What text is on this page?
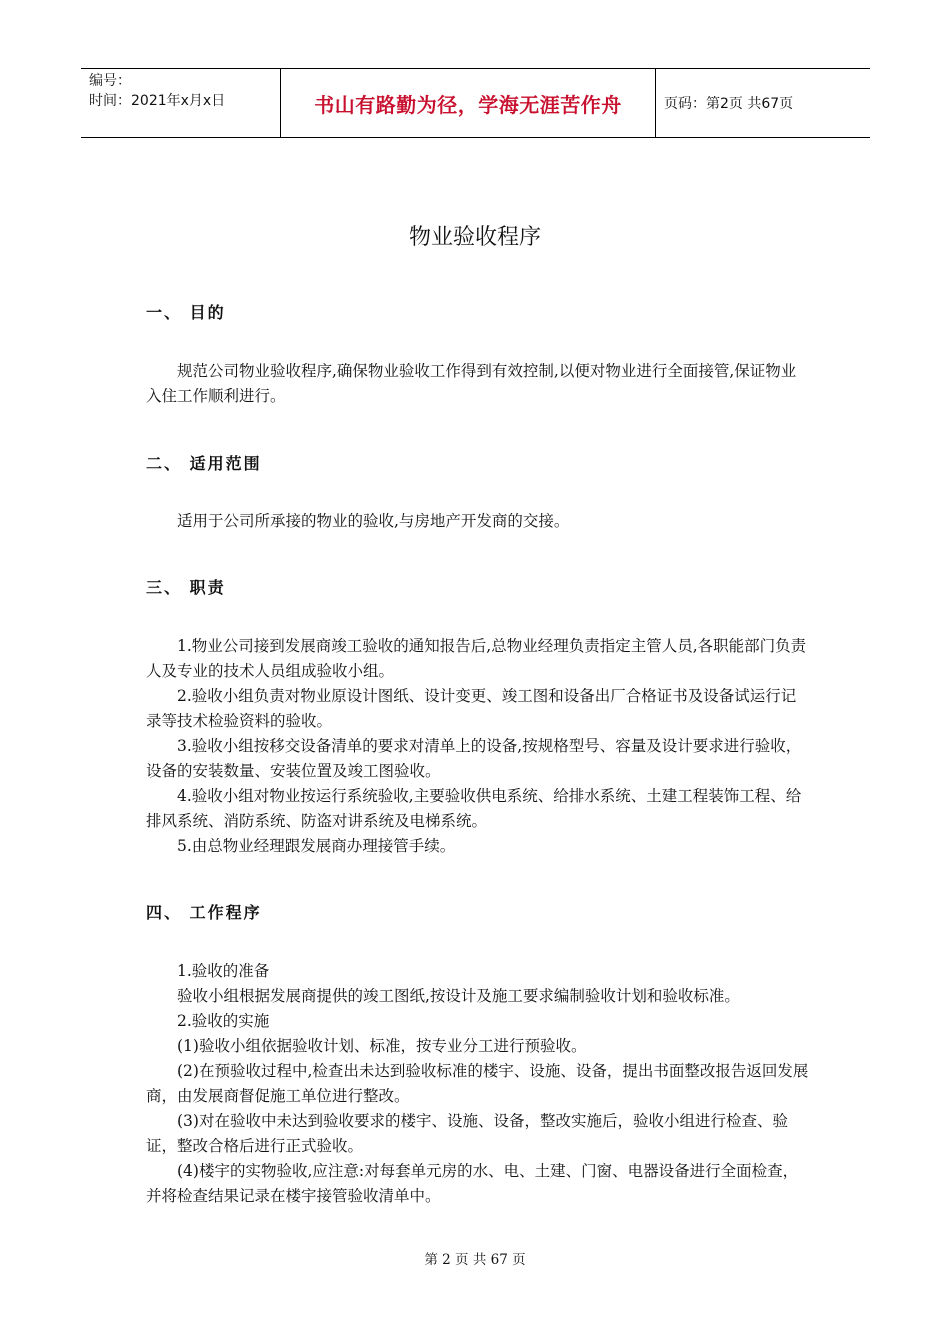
编号：
时间：2021年x月x日	书山有路勤为径，学海无涯苦作舟	页码：第2页 共67页
物业验收程序
一、 目的

规范公司物业验收程序,确保物业验收工作得到有效控制,以便对物业进行全面接管,保证物业入住工作顺利进行。

二、 适用范围

适用于公司所承接的物业的验收,与房地产开发商的交接。

三、 职责

1.物业公司接到发展商竣工验收的通知报告后,总物业经理负责指定主管人员,各职能部门负责人及专业的技术人员组成验收小组。

2.验收小组负责对物业原设计图纸、设计变更、竣工图和设备出厂合格证书及设备试运行记录等技术检验资料的验收。

3.验收小组按移交设备清单的要求对清单上的设备,按规格型号、容量及设计要求进行验收，设备的安装数量、安装位置及竣工图验收。

4.验收小组对物业按运行系统验收,主要验收供电系统、给排水系统、土建工程装饰工程、给排风系统、消防系统、防盗对讲系统及电梯系统。

5.由总物业经理跟发展商办理接管手续。

四、 工作程序

1.验收的准备

验收小组根据发展商提供的竣工图纸,按设计及施工要求编制验收计划和验收标准。

2.验收的实施

(1)验收小组依据验收计划、标准，按专业分工进行预验收。

(2)在预验收过程中,检查出未达到验收标准的楼宇、设施、设备，提出书面整改报告返回发展商，由发展商督促施工单位进行整改。

(3)对在验收中未达到验收要求的楼宇、设施、设备，整改实施后，验收小组进行检查、验证，整改合格后进行正式验收。

(4)楼宇的实物验收,应注意:对每套单元房的水、电、土建、门窗、电器设备进行全面检查，并将检查结果记录在楼宇接管验收清单中。

第 2 页 共 67 页
